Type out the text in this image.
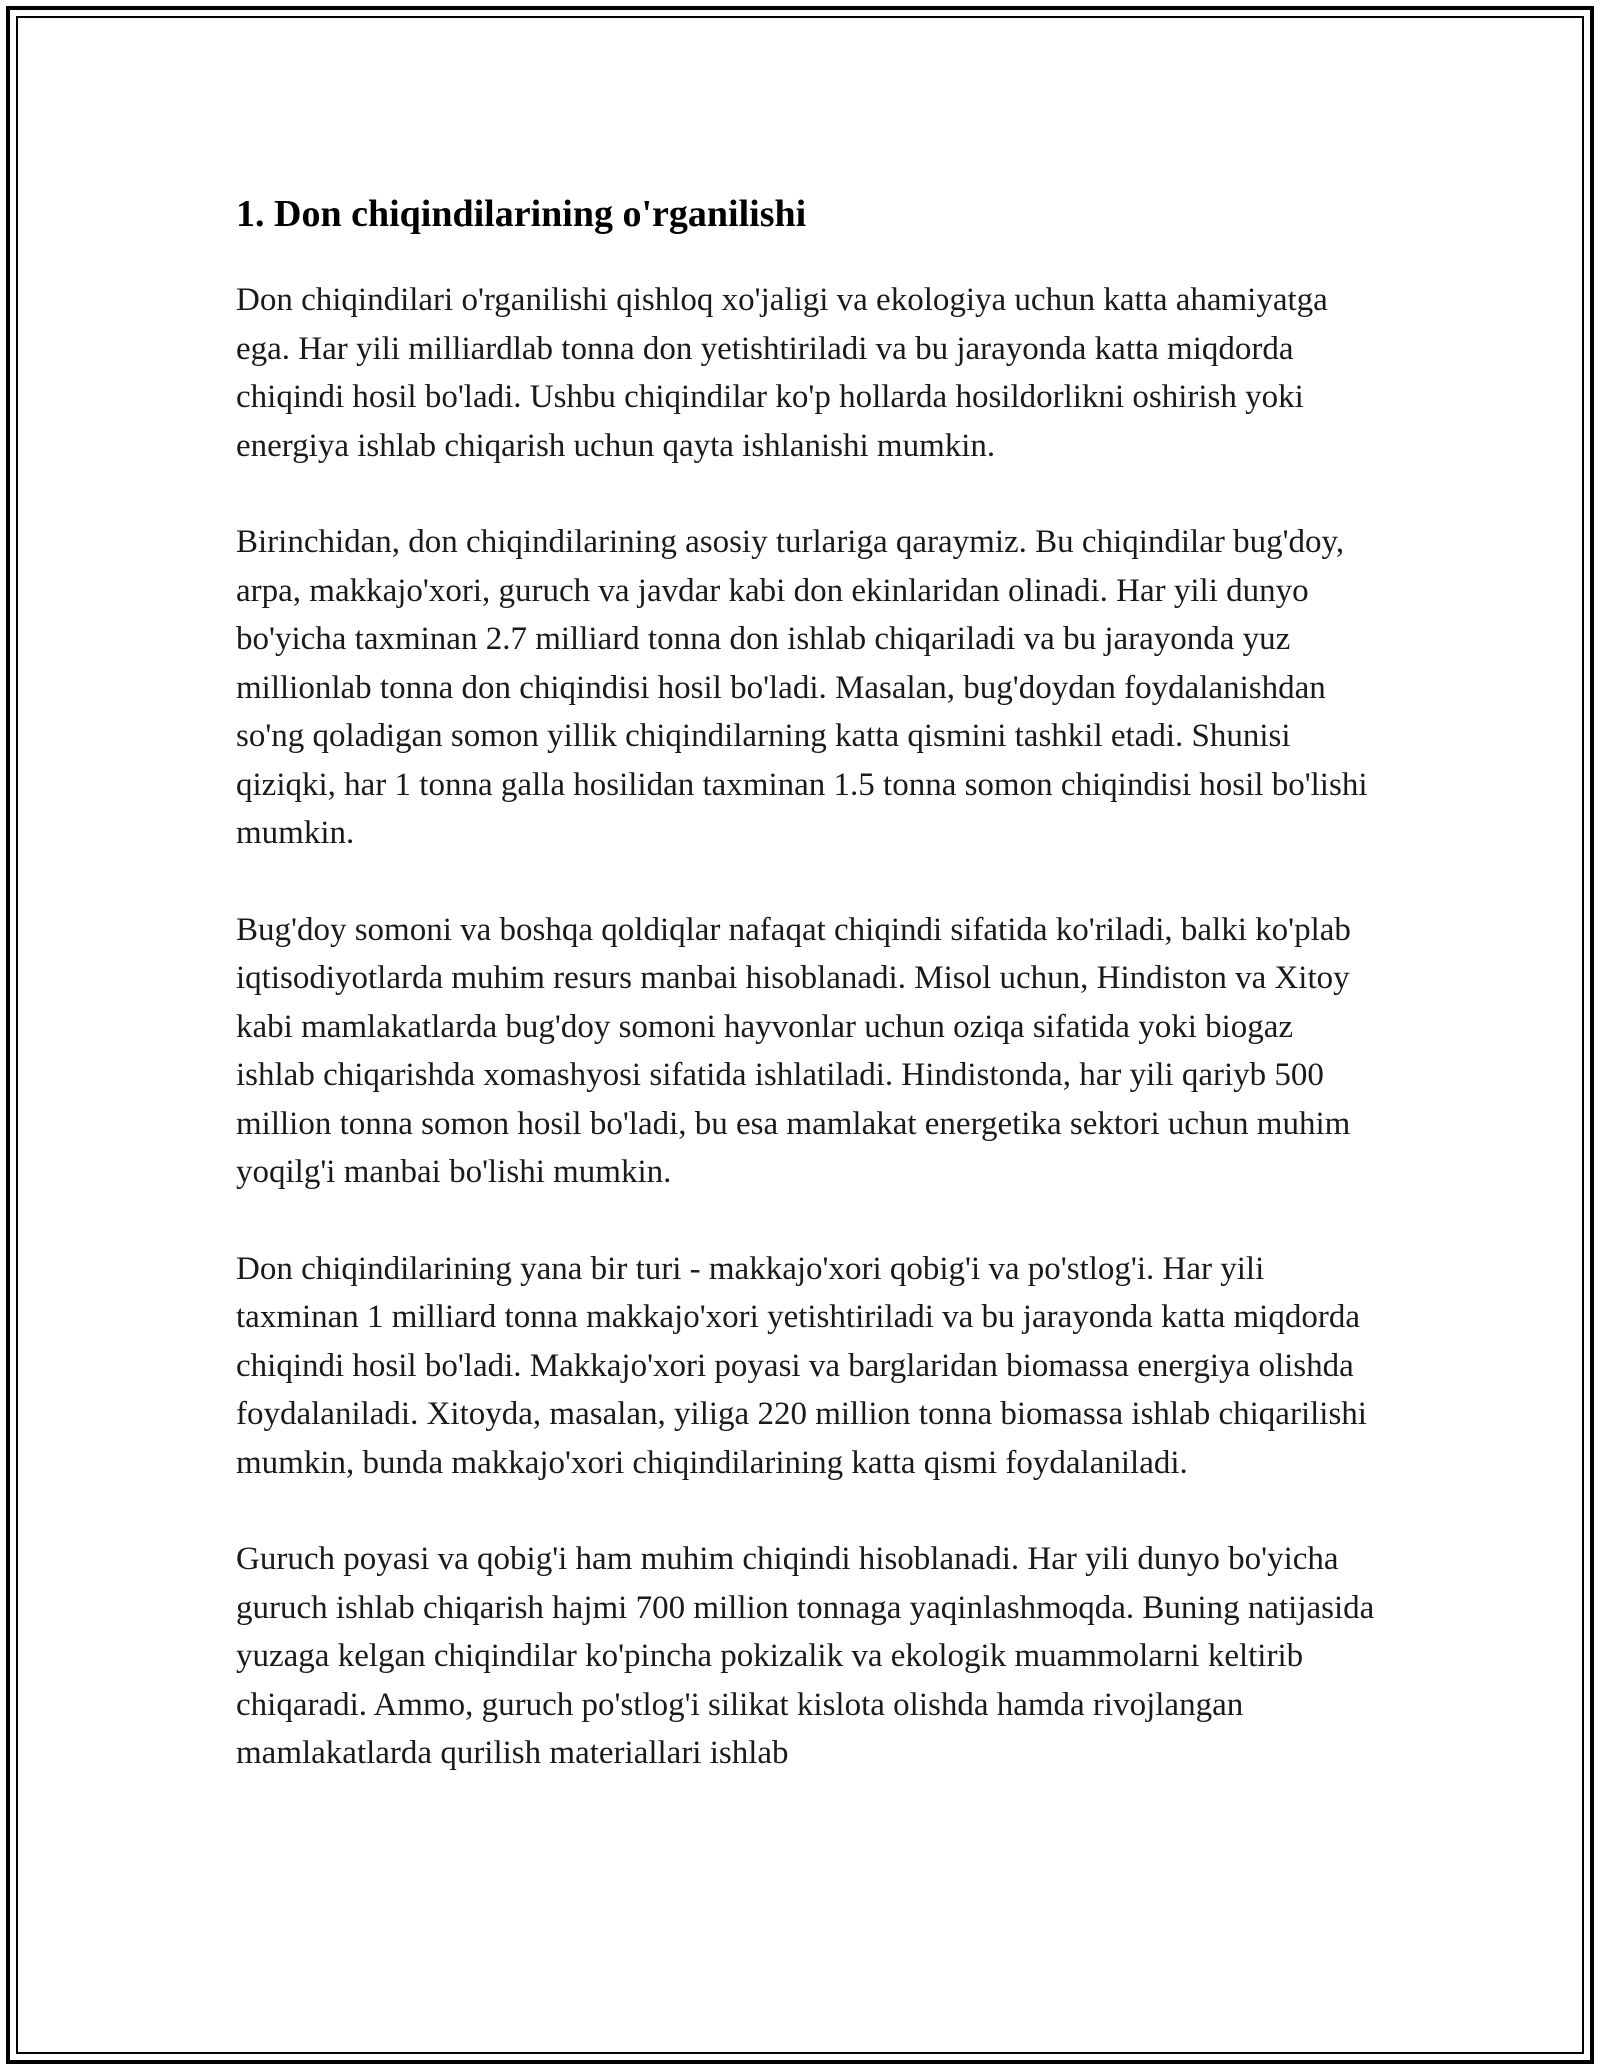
1. Don chiqindilarining o'rganilishi

Don chiqindilari o'rganilishi qishloq xo'jaligi va ekologiya uchun katta ahamiyatga ega. Har yili milliardlab tonna don yetishtiriladi va bu jarayonda katta miqdorda chiqindi hosil bo'ladi. Ushbu chiqindilar ko'p hollarda hosildorlikni oshirish yoki energiya ishlab chiqarish uchun qayta ishlanishi mumkin.

Birinchidan, don chiqindilarining asosiy turlariga qaraymiz. Bu chiqindilar bug'doy, arpa, makkajo'xori, guruch va javdar kabi don ekinlaridan olinadi. Har yili dunyo bo'yicha taxminan 2.7 milliard tonna don ishlab chiqariladi va bu jarayonda yuz millionlab tonna don chiqindisi hosil bo'ladi. Masalan, bug'doydan foydalanishdan so'ng qoladigan somon yillik chiqindilarning katta qismini tashkil etadi. Shunisi qiziqki, har 1 tonna galla hosilidan taxminan 1.5 tonna somon chiqindisi hosil bo'lishi mumkin.

Bug'doy somoni va boshqa qoldiqlar nafaqat chiqindi sifatida ko'riladi, balki ko'plab iqtisodiyotlarda muhim resurs manbai hisoblanadi. Misol uchun, Hindiston va Xitoy kabi mamlakatlarda bug'doy somoni hayvonlar uchun oziqa sifatida yoki biogaz ishlab chiqarishda xomashyosi sifatida ishlatiladi. Hindistonda, har yili qariyb 500 million tonna somon hosil bo'ladi, bu esa mamlakat energetika sektori uchun muhim yoqilg'i manbai bo'lishi mumkin.

Don chiqindilarining yana bir turi - makkajo'xori qobig'i va po'stlog'i. Har yili taxminan 1 milliard tonna makkajo'xori yetishtiriladi va bu jarayonda katta miqdorda chiqindi hosil bo'ladi. Makkajo'xori poyasi va barglaridan biomassa energiya olishda foydalaniladi. Xitoyda, masalan, yiliga 220 million tonna biomassa ishlab chiqarilishi mumkin, bunda makkajo'xori chiqindilarining katta qismi foydalaniladi.

Guruch poyasi va qobig'i ham muhim chiqindi hisoblanadi. Har yili dunyo bo'yicha guruch ishlab chiqarish hajmi 700 million tonnaga yaqinlashmoqda. Buning natijasida yuzaga kelgan chiqindilar ko'pincha pokizalik va ekologik muammolarni keltirib chiqaradi. Ammo, guruch po'stlog'i silikat kislota olishda hamda rivojlangan mamlakatlarda qurilish materiallari ishlab
